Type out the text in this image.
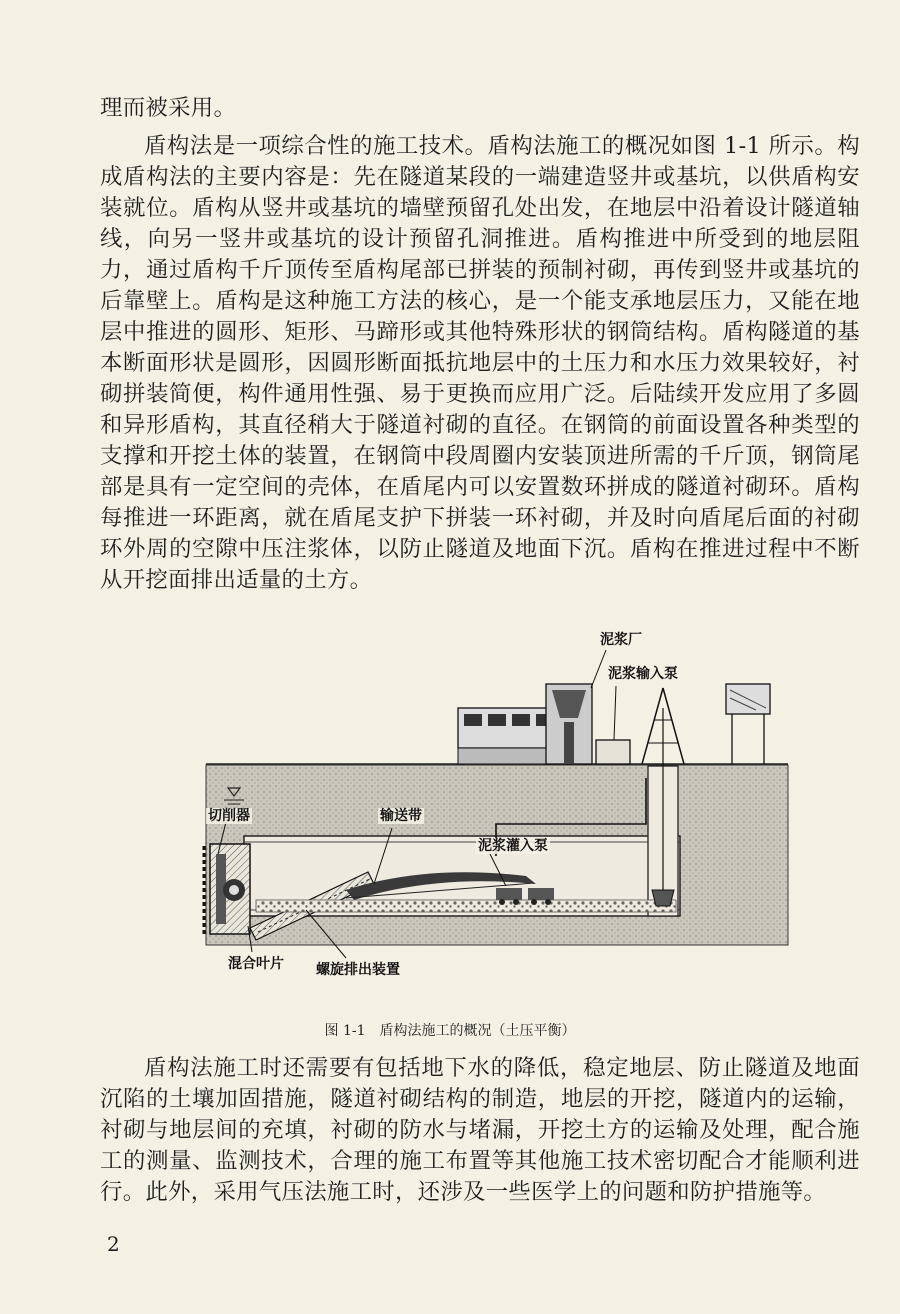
理而被采用。

盾构法是一项综合性的施工技术。盾构法施工的概况如图 1-1 所示。构成盾构法的主要内容是：先在隧道某段的一端建造竖井或基坑，以供盾构安装就位。盾构从竖井或基坑的墙壁预留孔处出发，在地层中沿着设计隧道轴线，向另一竖井或基坑的设计预留孔洞推进。盾构推进中所受到的地层阻力，通过盾构千斤顶传至盾构尾部已拼装的预制衬砌，再传到竖井或基坑的后靠壁上。盾构是这种施工方法的核心，是一个能支承地层压力，又能在地层中推进的圆形、矩形、马蹄形或其他特殊形状的钢筒结构。盾构隧道的基本断面形状是圆形，因圆形断面抵抗地层中的土压力和水压力效果较好，衬砌拼装简便，构件通用性强、易于更换而应用广泛。后陆续开发应用了多圆和异形盾构，其直径稍大于隧道衬砌的直径。在钢筒的前面设置各种类型的支撑和开挖土体的装置，在钢筒中段周圈内安装顶进所需的千斤顶，钢筒尾部是具有一定空间的壳体，在盾尾内可以安置数环拼成的隧道衬砌环。盾构每推进一环距离，就在盾尾支护下拼装一环衬砌，并及时向盾尾后面的衬砌环外周的空隙中压注浆体，以防止隧道及地面下沉。盾构在推进过程中不断从开挖面排出适量的土方。

泥浆厂
泥浆输入泵
切削器	输送带
泥浆灌入泵
混合叶片 螺旋排出装置
图 1-1　盾构法施工的概况（土压平衡）

盾构法施工时还需要有包括地下水的降低，稳定地层、防止隧道及地面沉陷的土壤加固措施，隧道衬砌结构的制造，地层的开挖，隧道内的运输，衬砌与地层间的充填，衬砌的防水与堵漏，开挖土方的运输及处理，配合施工的测量、监测技术，合理的施工布置等其他施工技术密切配合才能顺利进行。此外，采用气压法施工时，还涉及一些医学上的问题和防护措施等。

2
